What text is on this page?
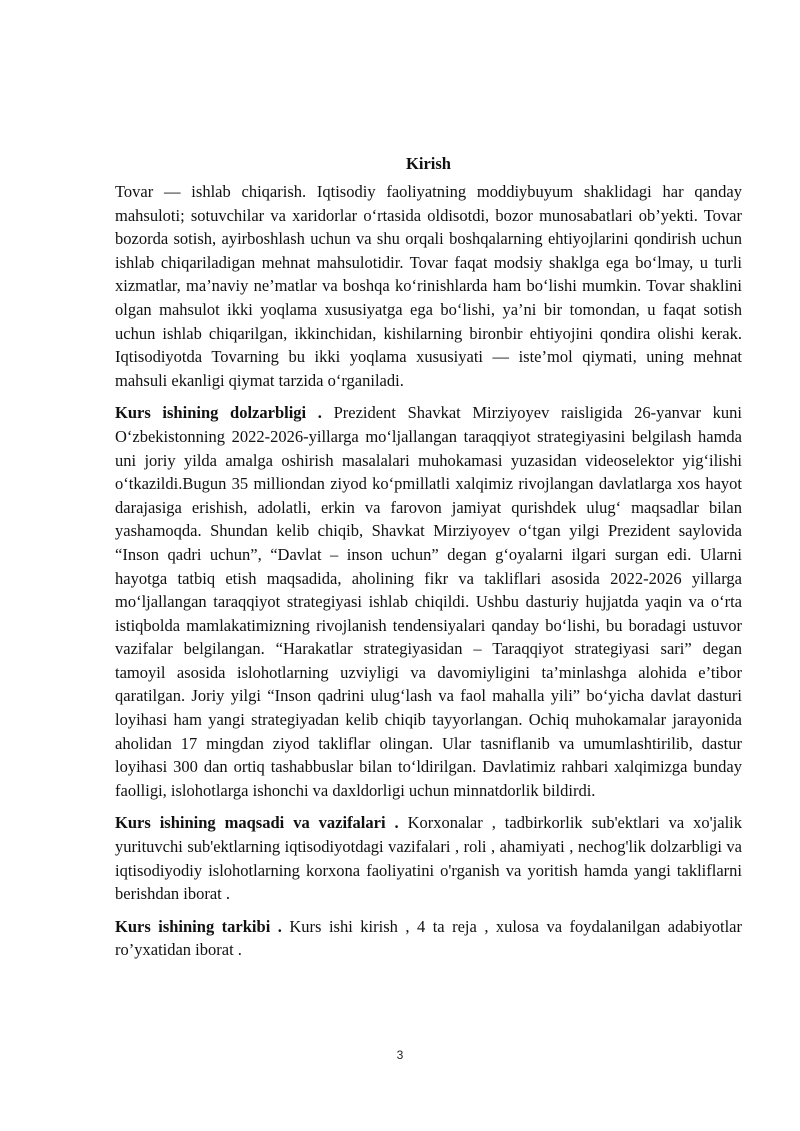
Kirish

Tovar — ishlab chiqarish. Iqtisodiy faoliyatning moddiybuyum shaklidagi har qanday mahsuloti; sotuvchilar va xaridorlar o‘rtasida oldisotdi, bozor munosabatlari ob’yekti. Tovar bozorda sotish, ayirboshlash uchun va shu orqali boshqalarning ehtiyojlarini qondirish uchun ishlab chiqariladigan mehnat mahsulotidir. Tovar faqat modsiy shaklga ega bo‘lmay, u turli xizmatlar, ma’naviy ne’matlar va boshqa ko‘rinishlarda ham bo‘lishi mumkin. Tovar shaklini olgan mahsulot ikki yoqlama xususiyatga ega bo‘lishi, ya’ni bir tomondan, u faqat sotish uchun ishlab chiqarilgan, ikkinchidan, kishilarning bironbir ehtiyojini qondira olishi kerak. Iqtisodiyotda Tovarning bu ikki yoqlama xususiyati — iste’mol qiymati, uning mehnat mahsuli ekanligi qiymat tarzida o‘rganiladi.

Kurs ishining dolzarbligi . Prezident Shavkat Mirziyoyev raisligida 26-yanvar kuni O‘zbekistonning 2022-2026-yillarga mo‘ljallangan taraqqiyot strategiyasini belgilash hamda uni joriy yilda amalga oshirish masalalari muhokamasi yuzasidan videoselektor yig‘ilishi o‘tkazildi.Bugun 35 milliondan ziyod ko‘pmillatli xalqimiz rivojlangan davlatlarga xos hayot darajasiga erishish, adolatli, erkin va farovon jamiyat qurishdek ulug‘ maqsadlar bilan yashamoqda. Shundan kelib chiqib, Shavkat Mirziyoyev o‘tgan yilgi Prezident saylovida “Inson qadri uchun”, “Davlat – inson uchun” degan g‘oyalarni ilgari surgan edi. Ularni hayotga tatbiq etish maqsadida, aholining fikr va takliflari asosida 2022-2026 yillarga mo‘ljallangan taraqqiyot strategiyasi ishlab chiqildi. Ushbu dasturiy hujjatda yaqin va o‘rta istiqbolda mamlakatimizning rivojlanish tendensiyalari qanday bo‘lishi, bu boradagi ustuvor vazifalar belgilangan. “Harakatlar strategiyasidan – Taraqqiyot strategiyasi sari” degan tamoyil asosida islohotlarning uzviyligi va davomiyligini ta’minlashga alohida e’tibor qaratilgan. Joriy yilgi “Inson qadrini ulug‘lash va faol mahalla yili” bo‘yicha davlat dasturi loyihasi ham yangi strategiyadan kelib chiqib tayyorlangan. Ochiq muhokamalar jarayonida aholidan 17 mingdan ziyod takliflar olingan. Ular tasniflanib va umumlashtirilib, dastur loyihasi 300 dan ortiq tashabbuslar bilan to‘ldirilgan. Davlatimiz rahbari xalqimizga bunday faolligi, islohotlarga ishonchi va daxldorligi uchun minnatdorlik bildirdi.

Kurs ishining maqsadi va vazifalari . Korxonalar , tadbirkorlik sub'ektlari va xo'jalik yurituvchi sub'ektlarning iqtisodiyotdagi vazifalari , roli , ahamiyati , nechog'lik dolzarbligi va iqtisodiyodiy islohotlarning korxona faoliyatini o'rganish va yoritish hamda yangi takliflarni berishdan iborat .

Kurs ishining tarkibi . Kurs ishi kirish , 4 ta reja , xulosa va foydalanilgan adabiyotlar ro’yxatidan iborat .

3
